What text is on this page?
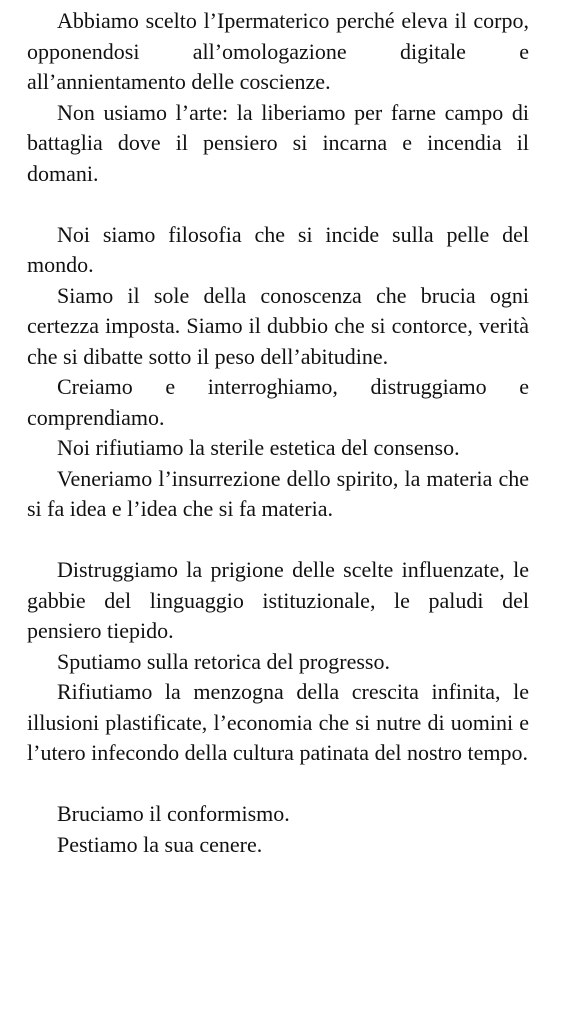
Abbiamo scelto l’Ipermaterico perché eleva il corpo, opponendosi all’omologazione digitale e all’annientamento delle coscienze.

Non usiamo l’arte: la liberiamo per farne campo di battaglia dove il pensiero si incarna e incendia il domani.

Noi siamo filosofia che si incide sulla pelle del mondo.

Siamo il sole della conoscenza che brucia ogni certezza imposta. Siamo il dubbio che si contorce, verità che si dibatte sotto il peso dell’abitudine.

Creiamo e interroghiamo, distruggiamo e comprendiamo.

Noi rifiutiamo la sterile estetica del consenso.

Veneriamo l’insurrezione dello spirito, la materia che si fa idea e l’idea che si fa materia.

Distruggiamo la prigione delle scelte influenzate, le gabbie del linguaggio istituzionale, le paludi del pensiero tiepido.

Sputiamo sulla retorica del progresso.

Rifiutiamo la menzogna della crescita infinita, le illusioni plastificate, l’economia che si nutre di uomini e l’utero infecondo della cultura patinata del nostro tempo.

Bruciamo il conformismo.

Pestiamo la sua cenere.
